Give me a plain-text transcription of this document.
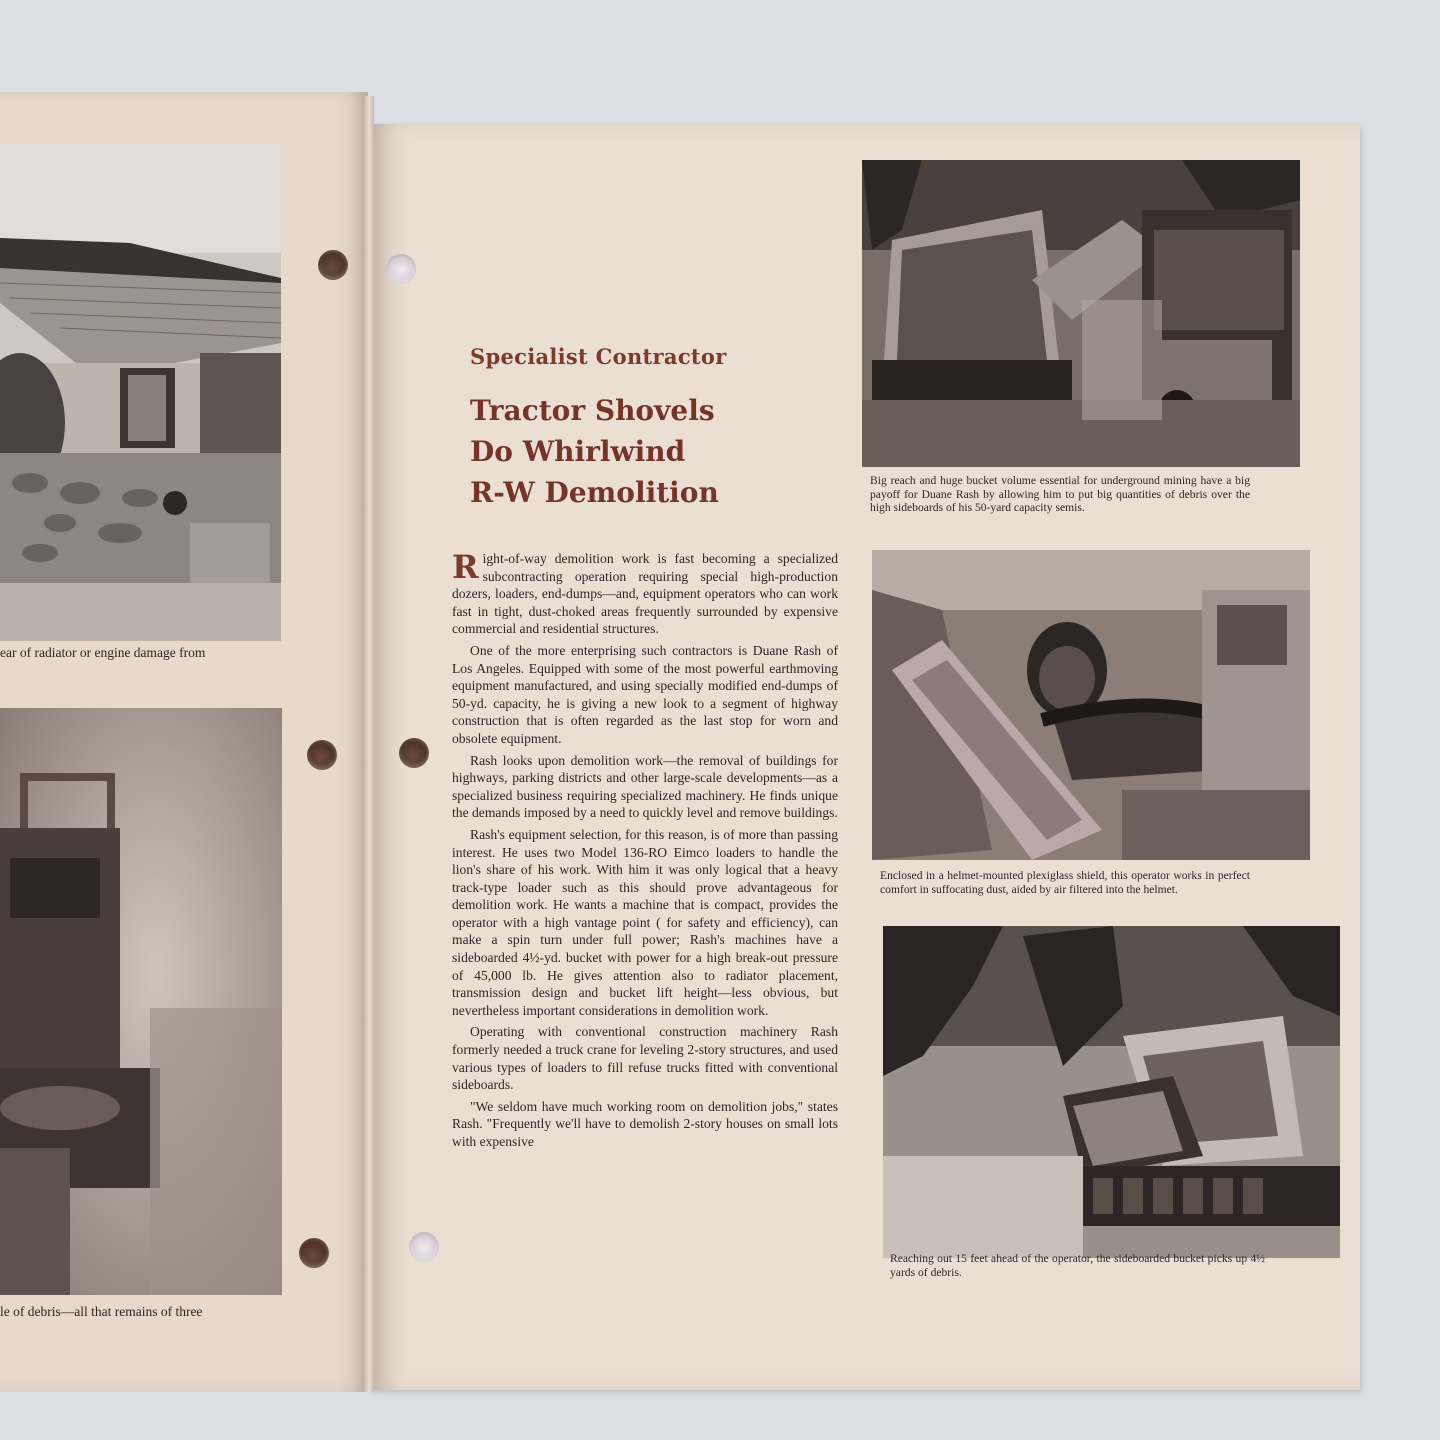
ear of radiator or engine damage from
le of debris—all that remains of three
Specialist Contractor
Tractor Shovels
Do Whirlwind
R-W Demolition

Right-of-way demolition work is fast becoming a specialized subcontracting operation requiring special high-production dozers, loaders, end-dumps—and, equipment operators who can work fast in tight, dust-choked areas frequently surrounded by expensive commercial and residential structures.

One of the more enterprising such contractors is Duane Rash of Los Angeles. Equipped with some of the most powerful earthmoving equipment manufactured, and using specially modified end-dumps of 50-yd. capacity, he is giving a new look to a segment of highway construction that is often regarded as the last stop for worn and obsolete equipment.

Rash looks upon demolition work—the removal of buildings for highways, parking districts and other large-scale developments—as a specialized business requiring specialized machinery. He finds unique the demands imposed by a need to quickly level and remove buildings.

Rash's equipment selection, for this reason, is of more than passing interest. He uses two Model 136-RO Eimco loaders to handle the lion's share of his work. With him it was only logical that a heavy track-type loader such as this should prove advantageous for demolition work. He wants a machine that is compact, provides the operator with a high vantage point ( for safety and efficiency), can make a spin turn under full power; Rash's machines have a sideboarded 4½-yd. bucket with power for a high break-out pressure of 45,000 lb. He gives attention also to radiator placement, transmission design and bucket lift height—less obvious, but nevertheless important considerations in demolition work.

Operating with conventional construction machinery Rash formerly needed a truck crane for leveling 2-story structures, and used various types of loaders to fill refuse trucks fitted with conventional sideboards.

"We seldom have much working room on demolition jobs," states Rash. "Frequently we'll have to demolish 2-story houses on small lots with expensive

Big reach and huge bucket volume essential for underground mining have a big payoff for Duane Rash by allowing him to put big quantities of debris over the high sideboards of his 50-yard capacity semis.
Enclosed in a helmet-mounted plexiglass shield, this operator works in perfect comfort in suffocating dust, aided by air filtered into the helmet.
Reaching out 15 feet ahead of the operator, the sideboarded bucket picks up 4½ yards of debris.
